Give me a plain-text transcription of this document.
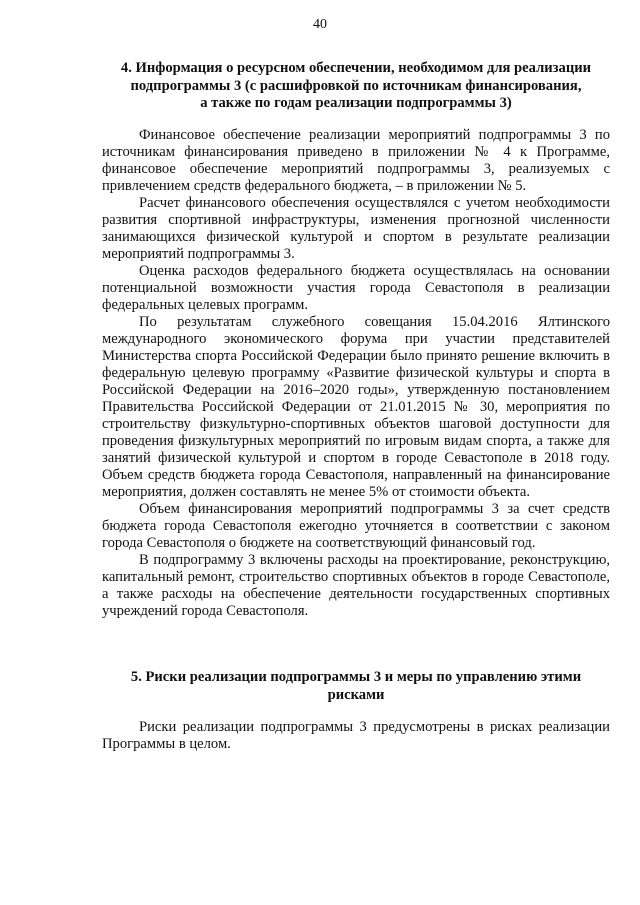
40
4. Информация о ресурсном обеспечении, необходимом для реализации
подпрограммы 3 (с расшифровкой по источникам финансирования,
а также по годам реализации подпрограммы 3)

Финансовое обеспечение реализации мероприятий подпрограммы 3 по источникам финансирования приведено в приложении № 4 к Программе, финансовое обеспечение мероприятий подпрограммы 3, реализуемых с привлечением средств федерального бюджета, – в приложении № 5.

Расчет финансового обеспечения осуществлялся с учетом необходимости развития спортивной инфраструктуры, изменения прогнозной численности занимающихся физической культурой и спортом в результате реализации мероприятий подпрограммы 3.

Оценка расходов федерального бюджета осуществлялась на основании потенциальной возможности участия города Севастополя в реализации федеральных целевых программ.

По результатам служебного совещания 15.04.2016 Ялтинского международного экономического форума при участии представителей Министерства спорта Российской Федерации было принято решение включить в федеральную целевую программу «Развитие физической культуры и спорта в Российской Федерации на 2016–2020 годы», утвержденную постановлением Правительства Российской Федерации от 21.01.2015 № 30, мероприятия по строительству физкультурно-спортивных объектов шаговой доступности для проведения физкультурных мероприятий по игровым видам спорта, а также для занятий физической культурой и спортом в городе Севастополе в 2018 году. Объем средств бюджета города Севастополя, направленный на финансирование мероприятия, должен составлять не менее 5% от стоимости объекта.

Объем финансирования мероприятий подпрограммы 3 за счет средств бюджета города Севастополя ежегодно уточняется в соответствии с законом города Севастополя о бюджете на соответствующий финансовый год.

В подпрограмму 3 включены расходы на проектирование, реконструкцию, капитальный ремонт, строительство спортивных объектов в городе Севастополе, а также расходы на обеспечение деятельности государственных спортивных учреждений города Севастополя.

5. Риски реализации подпрограммы 3 и меры по управлению этими
рисками

Риски реализации подпрограммы 3 предусмотрены в рисках реализации Программы в целом.
